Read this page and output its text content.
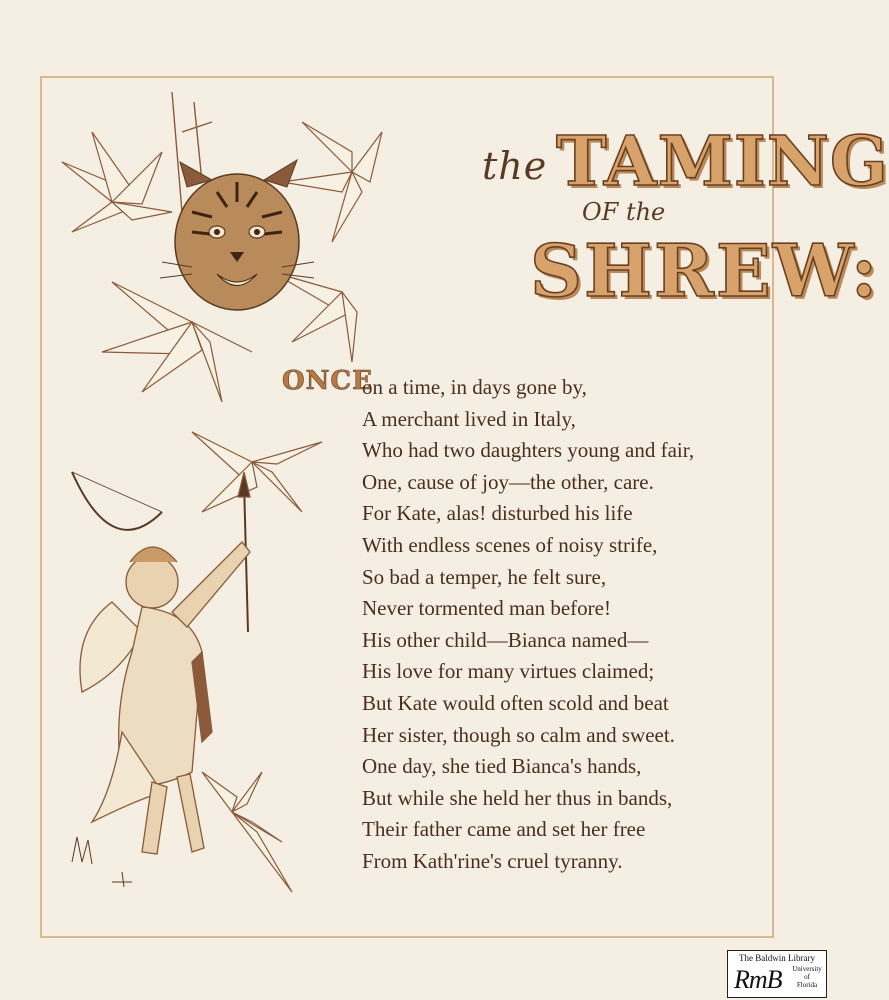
the TAMING
OF the
SHREW:
ONCE
on a time, in days gone by,
A merchant lived in Italy,
Who had two daughters young and fair,
One, cause of joy—the other, care.
For Kate, alas! disturbed his life
With endless scenes of noisy strife,
So bad a temper, he felt sure,
Never tormented man before!
His other child—Bianca named—
His love for many virtues claimed;
But Kate would often scold and beat
Her sister, though so calm and sweet.
One day, she tied Bianca's hands,
But while she held her thus in bands,
Their father came and set her free
From Kath'rine's cruel tyranny.
The Baldwin Library
RmB	University
of
Florida
